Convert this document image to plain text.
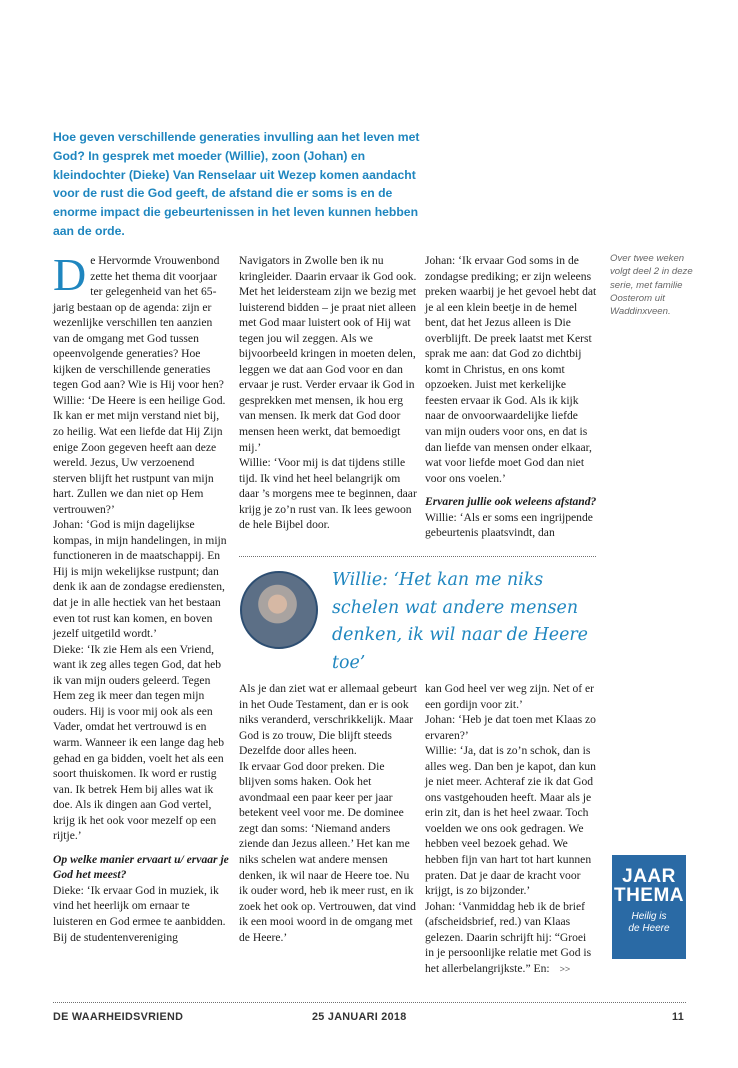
Hoe geven verschillende generaties invulling aan het leven met God? In gesprek met moeder (Willie), zoon (Johan) en kleindochter (Dieke) Van Renselaar uit Wezep komen aandacht voor de rust die God geeft, de afstand die er soms is en de enorme impact die gebeurtenissen in het leven kunnen hebben aan de orde.
D e Hervormde Vrouwenbond zette het thema dit voorjaar ter gelegenheid van het 65-jarig bestaan op de agenda: zijn er wezenlijke verschillen ten aanzien van de omgang met God tussen opeenvolgende generaties? Hoe kijken de verschillende generaties tegen God aan? Wie is Hij voor hen?

Willie: ‘De Heere is een heilige God. Ik kan er met mijn verstand niet bij, zo heilig. Wat een liefde dat Hij Zijn enige Zoon gegeven heeft aan deze wereld. Jezus, Uw verzoenend sterven blijft het rustpunt van mijn hart. Zullen we dan niet op Hem vertrouwen?’

Johan: ‘God is mijn dagelijkse kompas, in mijn handelingen, in mijn functioneren in de maatschappij. En Hij is mijn wekelijkse rustpunt; dan denk ik aan de zondagse erediensten, dat je in alle hectiek van het bestaan even tot rust kan komen, en boven jezelf uitgetild wordt.’

Dieke: ‘Ik zie Hem als een Vriend, want ik zeg alles tegen God, dat heb ik van mijn ouders geleerd. Tegen Hem zeg ik meer dan tegen mijn ouders. Hij is voor mij ook als een Vader, omdat het vertrouwd is en warm. Wanneer ik een lange dag heb gehad en ga bidden, voelt het als een soort thuiskomen. Ik word er rustig van. Ik betrek Hem bij alles wat ik doe. Als ik dingen aan God vertel, krijg ik het ook voor mezelf op een rijtje.’

Op welke manier ervaart u/ ervaar je God het meest?

Dieke: ‘Ik ervaar God in muziek, ik vind het heerlijk om ernaar te luisteren en God ermee te aanbidden. Bij de studentenvereniging

Navigators in Zwolle ben ik nu kringleider. Daarin ervaar ik God ook. Met het leidersteam zijn we bezig met luisterend bidden – je praat niet alleen met God maar luistert ook of Hij wat tegen jou wil zeggen. Als we bijvoorbeeld kringen in moeten delen, leggen we dat aan God voor en dan ervaar je rust. Verder ervaar ik God in gesprekken met mensen, ik hou erg van mensen. Ik merk dat God door mensen heen werkt, dat bemoedigt mij.’

Willie: ‘Voor mij is dat tijdens stille tijd. Ik vind het heel belangrijk om daar ’s morgens mee te beginnen, daar krijg je zo’n rust van. Ik lees gewoon de hele Bijbel door.

Johan: ‘Ik ervaar God soms in de zondagse prediking; er zijn weleens preken waarbij je het gevoel hebt dat je al een klein beetje in de hemel bent, dat het Jezus alleen is Die overblijft. De preek laatst met Kerst sprak me aan: dat God zo dichtbij komt in Christus, en ons komt opzoeken. Juist met kerkelijke feesten ervaar ik God. Als ik kijk naar de onvoorwaardelijke liefde van mijn ouders voor ons, en dat is dan liefde van mensen onder elkaar, wat voor liefde moet God dan niet voor ons voelen.’

Ervaren jullie ook weleens afstand?

Willie: ‘Als er soms een ingrijpende gebeurtenis plaatsvindt, dan

Over twee weken volgt deel 2 in deze serie, met familie Oosterom uit Waddinxveen.
Willie: ‘Het kan me niks schelen wat andere mensen denken, ik wil naar de Heere toe’

Als je dan ziet wat er allemaal gebeurt in het Oude Testament, dan er is ook niks veranderd, verschrikkelijk. Maar God is zo trouw, Die blijft steeds Dezelfde door alles heen.

Ik ervaar God door preken. Die blijven soms haken. Ook het avondmaal een paar keer per jaar betekent veel voor me. De dominee zegt dan soms: ‘Niemand anders ziende dan Jezus alleen.’ Het kan me niks schelen wat andere mensen denken, ik wil naar de Heere toe. Nu ik ouder word, heb ik meer rust, en ik zoek het ook op. Vertrouwen, dat vind ik een mooi woord in de omgang met de Heere.’

kan God heel ver weg zijn. Net of er een gordijn voor zit.’

Johan: ‘Heb je dat toen met Klaas zo ervaren?’

Willie: ‘Ja, dat is zo’n schok, dan is alles weg. Dan ben je kapot, dan kun je niet meer. Achteraf zie ik dat God ons vastgehouden heeft. Maar als je erin zit, dan is het heel zwaar. Toch voelden we ons ook gedragen. We hebben veel bezoek gehad. We hebben fijn van hart tot hart kunnen praten. Dat je daar de kracht voor krijgt, is zo bijzonder.’

Johan: ‘Vanmiddag heb ik de brief (afscheidsbrief, red.) van Klaas gelezen. Daarin schrijft hij: “Groei in je persoonlijke relatie met God is het allerbelangrijkste.” En: >>

JAAR
THEMA
Heilig is
de Heere
DE WAARHEIDSVRIEND	25 JANUARI 2018	11
